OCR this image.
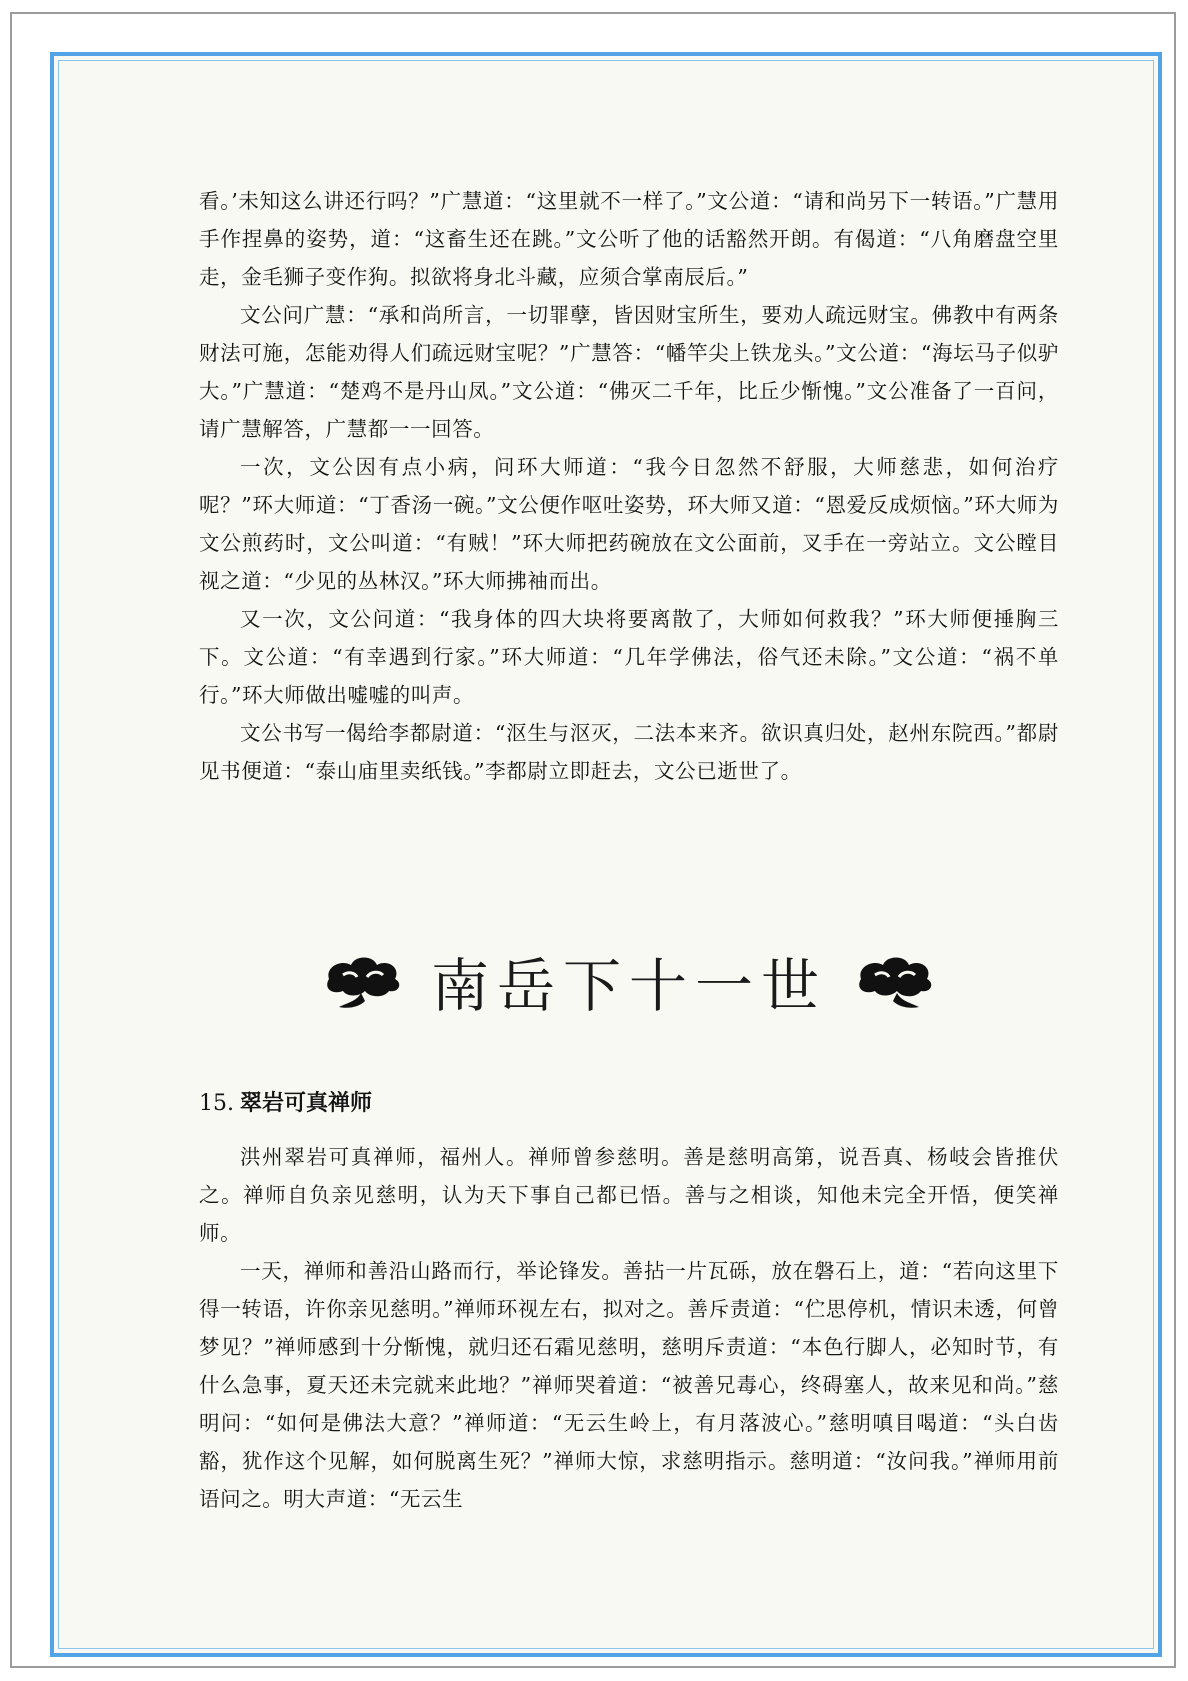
看。’未知这么讲还行吗？”广慧道：“这里就不一样了。”文公道：“请和尚另下一转语。”广慧用手作捏鼻的姿势，道：“这畜生还在跳。”文公听了他的话豁然开朗。有偈道：“八角磨盘空里走，金毛狮子变作狗。拟欲将身北斗藏，应须合掌南辰后。”

文公问广慧：“承和尚所言，一切罪孽，皆因财宝所生，要劝人疏远财宝。佛教中有两条财法可施，怎能劝得人们疏远财宝呢？”广慧答：“幡竿尖上铁龙头。”文公道：“海坛马子似驴大。”广慧道：“楚鸡不是丹山凤。”文公道：“佛灭二千年，比丘少惭愧。”文公准备了一百问，请广慧解答，广慧都一一回答。

一次，文公因有点小病，问环大师道：“我今日忽然不舒服，大师慈悲，如何治疗呢？”环大师道：“丁香汤一碗。”文公便作呕吐姿势，环大师又道：“恩爱反成烦恼。”环大师为文公煎药时，文公叫道：“有贼！”环大师把药碗放在文公面前，叉手在一旁站立。文公瞠目视之道：“少见的丛林汉。”环大师拂袖而出。

又一次，文公问道：“我身体的四大块将要离散了，大师如何救我？”环大师便捶胸三下。文公道：“有幸遇到行家。”环大师道：“几年学佛法，俗气还未除。”文公道：“祸不单行。”环大师做出嘘嘘的叫声。

文公书写一偈给李都尉道：“沤生与沤灭，二法本来齐。欲识真归处，赵州东院西。”都尉见书便道：“泰山庙里卖纸钱。”李都尉立即赶去，文公已逝世了。

南岳下十一世
15. 翠岩可真禅师

洪州翠岩可真禅师，福州人。禅师曾参慈明。善是慈明高第，说吾真、杨岐会皆推伏之。禅师自负亲见慈明，认为天下事自己都已悟。善与之相谈，知他未完全开悟，便笑禅师。

一天，禅师和善沿山路而行，举论锋发。善拈一片瓦砾，放在磐石上，道：“若向这里下得一转语，许你亲见慈明。”禅师环视左右，拟对之。善斥责道：“伫思停机，情识未透，何曾梦见？”禅师感到十分惭愧，就归还石霜见慈明，慈明斥责道：“本色行脚人，必知时节，有什么急事，夏天还未完就来此地？”禅师哭着道：“被善兄毒心，终碍塞人，故来见和尚。”慈明问：“如何是佛法大意？”禅师道：“无云生岭上，有月落波心。”慈明嗔目喝道：“头白齿豁，犹作这个见解，如何脱离生死？”禅师大惊，求慈明指示。慈明道：“汝问我。”禅师用前语问之。明大声道：“无云生
